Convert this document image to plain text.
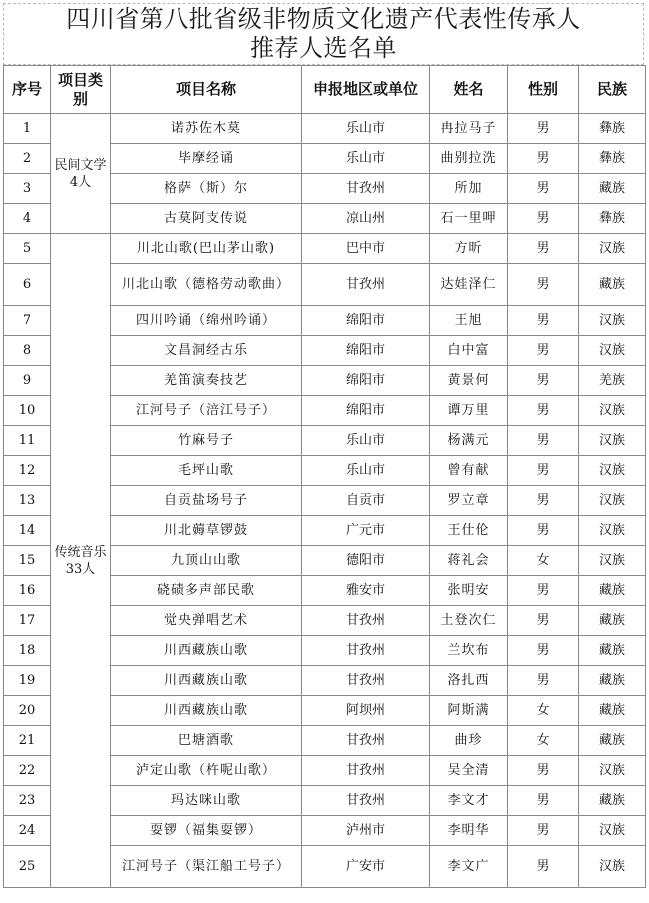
四川省第八批省级非物质文化遗产代表性传承人
推荐人选名单
序号	项目类别	项目名称	申报地区或单位	姓名	性别	民族
1	民间文学4人	诺苏佐木莫	乐山市	冉拉马子	男	彝族
2		毕摩经诵	乐山市	曲别拉洗	男	彝族
3		格萨（斯）尔	甘孜州	所加	男	藏族
4		古莫阿支传说	凉山州	石一里呷	男	彝族
5	传统音乐33人	川北山歌(巴山茅山歌)	巴中市	方昕	男	汉族
6		川北山歌（德格劳动歌曲）	甘孜州	达娃泽仁	男	藏族
7		四川吟诵（绵州吟诵）	绵阳市	王旭	男	汉族
8		文昌洞经古乐	绵阳市	白中富	男	汉族
9		羌笛演奏技艺	绵阳市	黄景何	男	羌族
10		江河号子（涪江号子）	绵阳市	谭万里	男	汉族
11		竹麻号子	乐山市	杨满元	男	汉族
12		毛坪山歌	乐山市	曾有献	男	汉族
13		自贡盐场号子	自贡市	罗立章	男	汉族
14		川北薅草锣鼓	广元市	王仕伦	男	汉族
15		九顶山山歌	德阳市	蒋礼会	女	汉族
16		硗碛多声部民歌	雅安市	张明安	男	藏族
17		觉央弹唱艺术	甘孜州	土登次仁	男	藏族
18		川西藏族山歌	甘孜州	兰坎布	男	藏族
19		川西藏族山歌	甘孜州	洛扎西	男	藏族
20		川西藏族山歌	阿坝州	阿斯满	女	藏族
21		巴塘酒歌	甘孜州	曲珍	女	藏族
22		泸定山歌（杵呢山歌）	甘孜州	吴全清	男	汉族
23		玛达咪山歌	甘孜州	李文才	男	藏族
24		耍锣（福集耍锣）	泸州市	李明华	男	汉族
25		江河号子（渠江船工号子）	广安市	李文广	男	汉族
